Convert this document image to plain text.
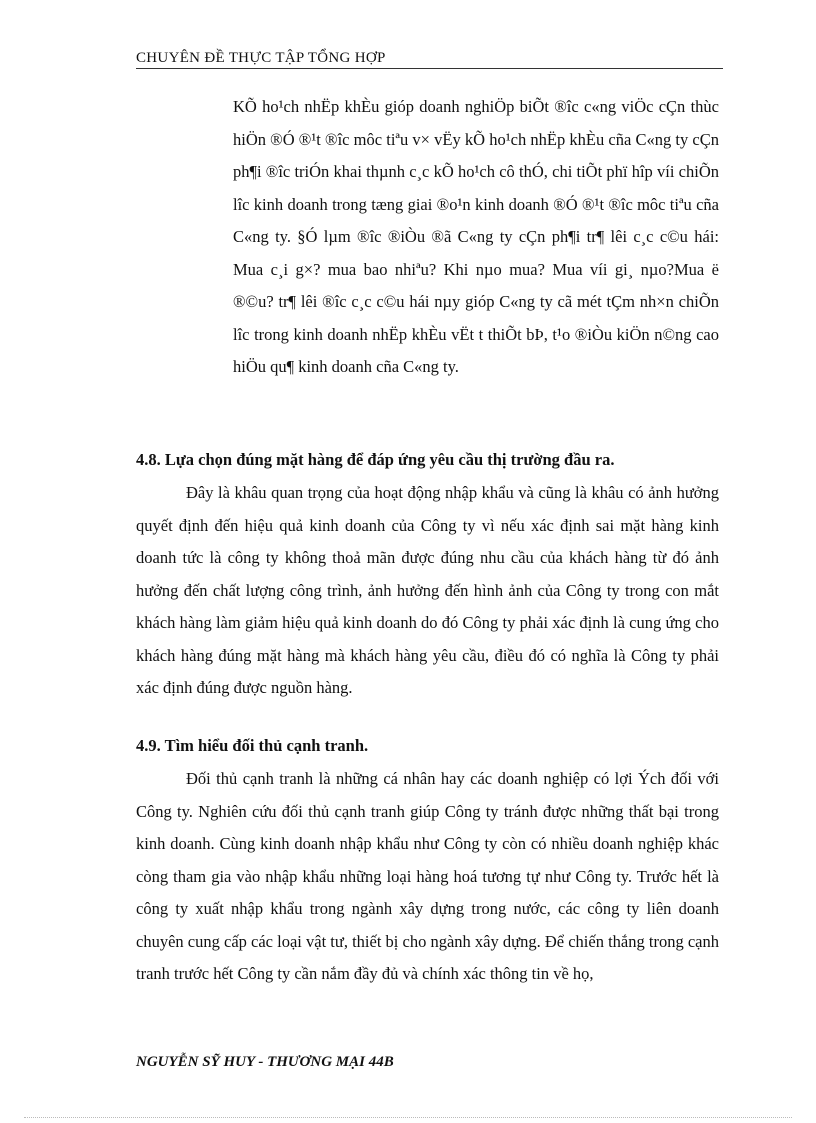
CHUYÊN ĐỀ THỰC TẬP TỔNG HỢP
KÕ ho¹ch nhËp khÈu gióp doanh nghiÖp biÕt ®îc c«ng viÖc cÇn thùc hiÖn ®Ó ®¹t ®îc môc tiªu v× vËy kÕ ho¹ch nhËp khÈu cña C«ng ty cÇn ph¶i ®îc triÓn khai thµnh c¸c kÕ ho¹ch cô thÓ, chi tiÕt phï hîp víi chiÕn lîc kinh doanh trong tæng giai ®o¹n kinh doanh ®Ó ®¹t ®îc môc tiªu cña C«ng ty. §Ó lµm ®îc ®iÒu ®ã C«ng ty cÇn ph¶i tr¶ lêi c¸c c©u hái: Mua c¸i g×? mua bao nhiªu? Khi nµo mua? Mua víi gi¸ nµo?Mua ë ®©u? tr¶ lêi ®îc c¸c c©u hái nµy gióp C«ng ty cã mét tÇm nh×n chiÕn lîc trong kinh doanh nhËp khÈu vËt t thiÕt bÞ, t¹o ®iÒu kiÖn n©ng cao hiÖu qu¶ kinh doanh cña C«ng ty.
4.8. Lựa chọn đúng mặt hàng để đáp ứng yêu cầu thị trường đầu ra.
Đây là khâu quan trọng của hoạt động nhập khẩu và cũng là khâu có ảnh hưởng quyết định đến hiệu quả kinh doanh của Công ty vì nếu xác định sai mặt hàng kinh doanh tức là công ty không thoả mãn được đúng nhu cầu của khách hàng từ đó ảnh hưởng đến chất lượng công trình, ảnh hưởng đến hình ảnh của Công ty trong con mắt khách hàng làm giảm hiệu quả kinh doanh do đó Công ty phải xác định là cung ứng cho khách hàng đúng mặt hàng mà khách hàng yêu cầu, điều đó có nghĩa là Công ty phải xác định đúng được nguồn hàng.
4.9. Tìm hiểu đối thủ cạnh tranh.
Đối thủ cạnh tranh là những cá nhân hay các doanh nghiệp có lợi Ých đối với Công ty. Nghiên cứu đối thủ cạnh tranh giúp Công ty tránh được những thất bại trong kinh doanh. Cùng kinh doanh nhập khẩu như Công ty còn có nhiều doanh nghiệp khác còng tham gia vào nhập khẩu những loại hàng hoá tương tự như Công ty. Trước hết là công ty xuất nhập khẩu trong ngành xây dựng trong nước, các công ty liên doanh chuyên cung cấp các loại vật tư, thiết bị cho ngành xây dựng. Để chiến thắng trong cạnh tranh trước hết Công ty cần nắm đầy đủ và chính xác thông tin về họ,
NGUYỄN SỸ HUY - THƯƠNG MẠI 44B
